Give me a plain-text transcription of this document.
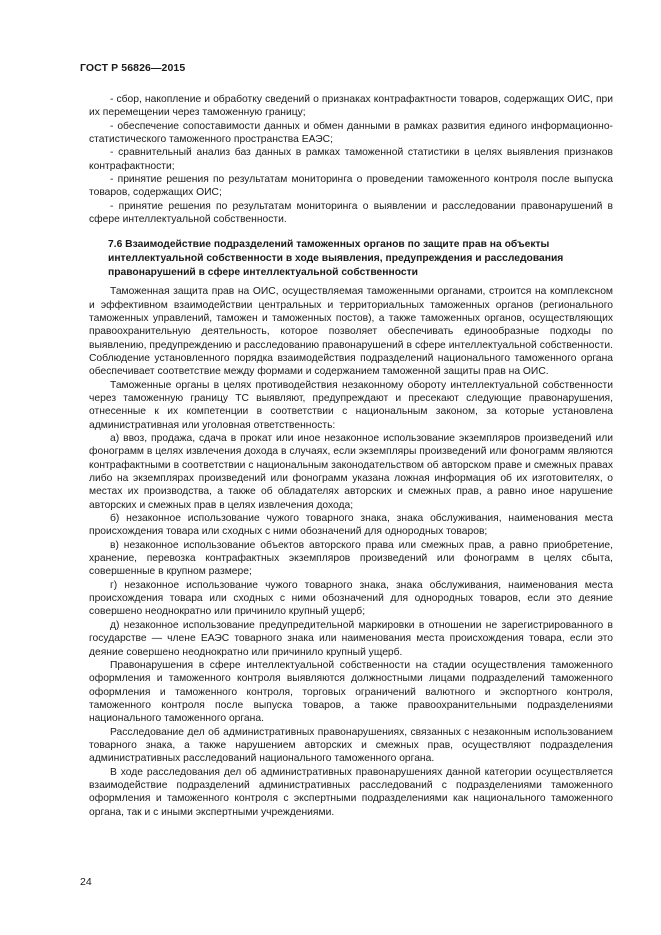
ГОСТ Р 56826—2015

- сбор, накопление и обработку сведений о признаках контрафактности товаров, содержащих ОИС, при их перемещении через таможенную границу;

- обеспечение сопоставимости данных и обмен данными в рамках развития единого информационно-статистического таможенного пространства ЕАЭС;

- сравнительный анализ баз данных в рамках таможенной статистики в целях выявления признаков контрафактности;

- принятие решения по результатам мониторинга о проведении таможенного контроля после выпуска товаров, содержащих ОИС;

- принятие решения по результатам мониторинга о выявлении и расследовании правонарушений в сфере интеллектуальной собственности.

7.6 Взаимодействие подразделений таможенных органов по защите прав на объекты интеллектуальной собственности в ходе выявления, предупреждения и расследования правонарушений в сфере интеллектуальной собственности

Таможенная защита прав на ОИС, осуществляемая таможенными органами, строится на комплексном и эффективном взаимодействии центральных и территориальных таможенных органов (регионального таможенных управлений, таможен и таможенных постов), а также таможенных органов, осуществляющих правоохранительную деятельность, которое позволяет обеспечивать единообразные подходы по выявлению, предупреждению и расследованию правонарушений в сфере интеллектуальной собственности. Соблюдение установленного порядка взаимодействия подразделений национального таможенного органа обеспечивает соответствие между формами и содержанием таможенной защиты прав на ОИС.

Таможенные органы в целях противодействия незаконному обороту интеллектуальной собственности через таможенную границу ТС выявляют, предупреждают и пресекают следующие правонарушения, отнесенные к их компетенции в соответствии с национальным законом, за которые установлена административная или уголовная ответственность:

а) ввоз, продажа, сдача в прокат или иное незаконное использование экземпляров произведений или фонограмм в целях извлечения дохода в случаях, если экземпляры произведений или фонограмм являются контрафактными в соответствии с национальным законодательством об авторском праве и смежных правах либо на экземплярах произведений или фонограмм указана ложная информация об их изготовителях, о местах их производства, а также об обладателях авторских и смежных прав, а равно иное нарушение авторских и смежных прав в целях извлечения дохода;

б) незаконное использование чужого товарного знака, знака обслуживания, наименования места происхождения товара или сходных с ними обозначений для однородных товаров;

в) незаконное использование объектов авторского права или смежных прав, а равно приобретение, хранение, перевозка контрафактных экземпляров произведений или фонограмм в целях сбыта, совершенные в крупном размере;

г) незаконное использование чужого товарного знака, знака обслуживания, наименования места происхождения товара или сходных с ними обозначений для однородных товаров, если это деяние совершено неоднократно или причинило крупный ущерб;

д) незаконное использование предупредительной маркировки в отношении не зарегистрированного в государстве — члене ЕАЭС товарного знака или наименования места происхождения товара, если это деяние совершено неоднократно или причинило крупный ущерб.

Правонарушения в сфере интеллектуальной собственности на стадии осуществления таможенного оформления и таможенного контроля выявляются должностными лицами подразделений таможенного оформления и таможенного контроля, торговых ограничений валютного и экспортного контроля, таможенного контроля после выпуска товаров, а также правоохранительными подразделениями национального таможенного органа.

Расследование дел об административных правонарушениях, связанных с незаконным использованием товарного знака, а также нарушением авторских и смежных прав, осуществляют подразделения административных расследований национального таможенного органа.

В ходе расследования дел об административных правонарушениях данной категории осуществляется взаимодействие подразделений административных расследований с подразделениями таможенного оформления и таможенного контроля с экспертными подразделениями как национального таможенного органа, так и с иными экспертными учреждениями.

24
